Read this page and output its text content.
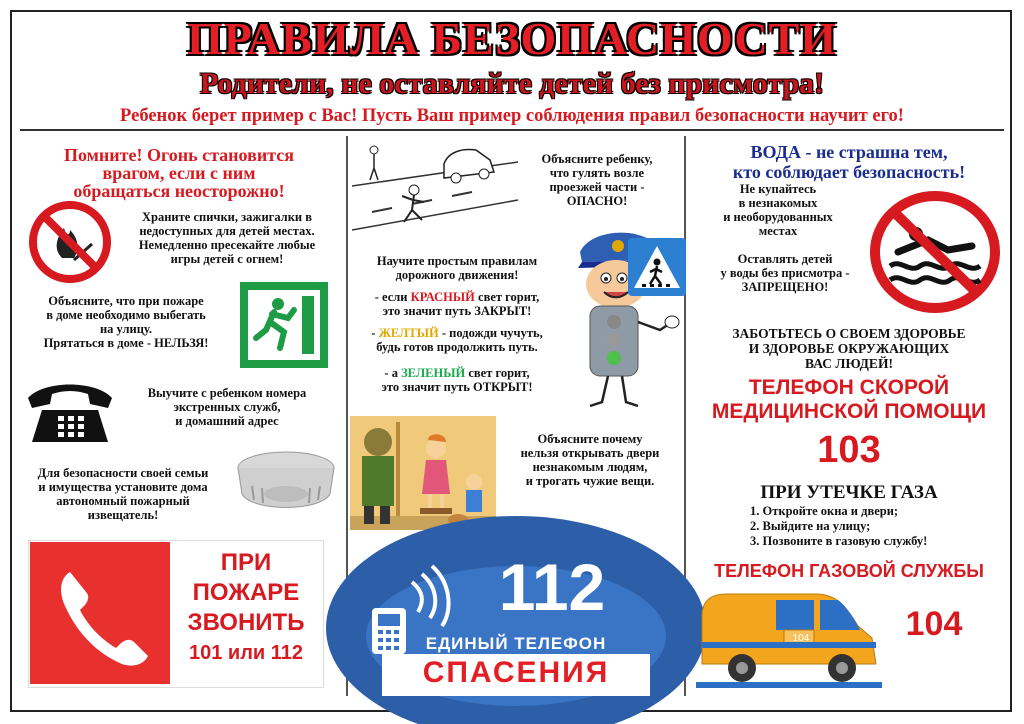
ПРАВИЛА БЕЗОПАСНОСТИ
Родители, не оставляйте детей без присмотра!
Ребенок берет пример с Вас! Пусть Ваш пример соблюдения правил безопасности научит его!
Помните! Огонь становится
врагом, если с ним
обращаться неосторожно!
Храните спички, зажигалки в
недоступных для детей местах.
Немедленно пресекайте любые
игры детей с огнем!
Объясните, что при пожаре
в доме необходимо выбегать
на улицу.
Прятаться в доме - НЕЛЬЗЯ!
Выучите с ребенком номера
экстренных служб,
и домашний адрес
Для безопасности своей семьи
и имущества установите дома
автономный пожарный
извещатель!
ПРИ
ПОЖАРЕ
ЗВОНИТЬ
101 или 112
Объясните ребенку,
что гулять возле
проезжей части -
ОПАСНО!
Научите простым правилам
дорожного движения!
- если КРАСНЫЙ свет горит,
это значит путь ЗАКРЫТ!
- ЖЕЛТЫЙ - подожди чучуть,
будь готов продолжить путь.
- а ЗЕЛЕНЫЙ свет горит,
это значит путь ОТКРЫТ!
Объясните почему
нельзя открывать двери
незнакомым людям,
и трогать чужие вещи.
112
ЕДИНЫЙ ТЕЛЕФОН
СПАСЕНИЯ
ВОДА - не страшна тем,
кто соблюдает безопасность!
Не купайтесь
в незнакомых
и необорудованных
местах
Оставлять детей
у воды без присмотра -
ЗАПРЕЩЕНО!
ЗАБОТЬТЕСЬ О СВОЕМ ЗДОРОВЬЕ
И ЗДОРОВЬЕ ОКРУЖАЮЩИХ
ВАС ЛЮДЕЙ!
ТЕЛЕФОН СКОРОЙ
МЕДИЦИНСКОЙ ПОМОЩИ
103
ПРИ УТЕЧКЕ ГАЗА
1. Откройте окна и двери;
2. Выйдите на улицу;
3. Позвоните в газовую службу!
ТЕЛЕФОН ГАЗОВОЙ СЛУЖБЫ
104	104
